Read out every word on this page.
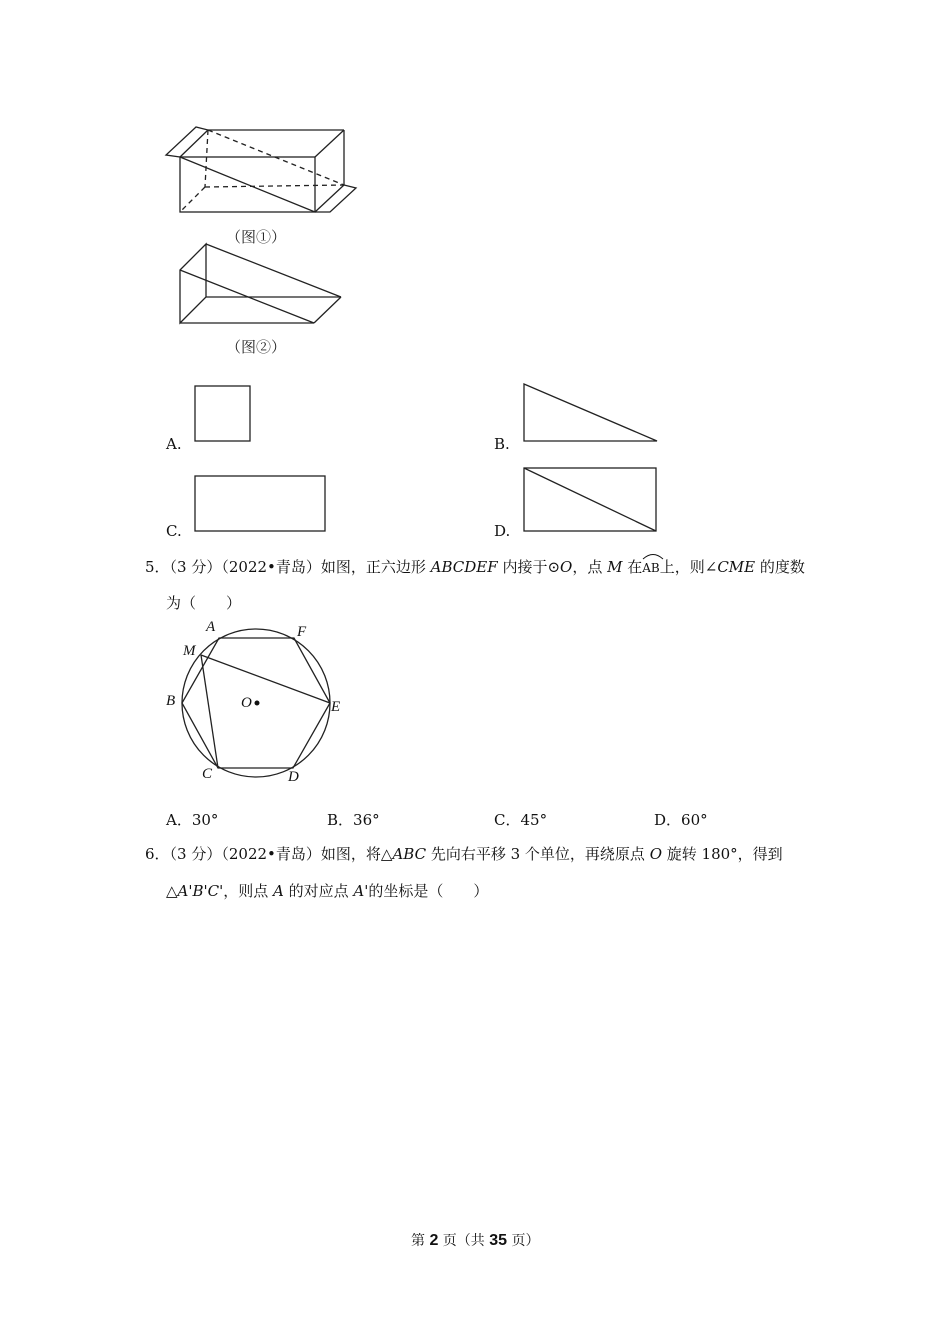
（图①）
（图②）
A.	B.
C.	D.
5．（3 分）（2022•青岛）如图，正六边形 ABCDEF 内接于⊙O，点 M 在
AB上，则∠CME 的度数
为（　　）
A	F
M
B	O	E
C	D
A．30°	B．36°	C．45°	D．60°
6．（3 分）（2022•青岛）如图，将△ABC 先向右平移 3 个单位，再绕原点 O 旋转 180°，得到
△A'B'C'，则点 A 的对应点 A'的坐标是（　　）
第 2 页（共 35 页）
